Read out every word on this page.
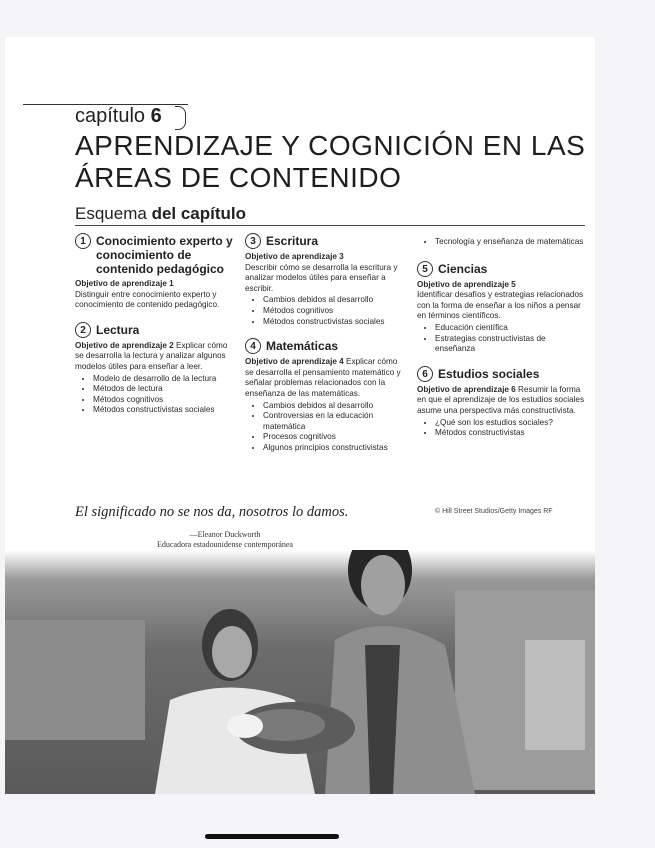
capítulo 6
APRENDIZAJE Y COGNICIÓN EN LAS
ÁREAS DE CONTENIDO
Esquema del capítulo
1 Conocimiento experto y conocimiento de contenido pedagógico
Objetivo de aprendizaje 1
Distinguir entre conocimiento experto y conocimiento de contenido pedagógico.
2 Lectura
Objetivo de aprendizaje 2 Explicar cómo se desarrolla la lectura y analizar algunos modelos útiles para enseñar a leer.
• Modelo de desarrollo de la lectura
• Métodos de lectura
• Métodos cognitivos
• Métodos constructivistas sociales
3 Escritura
Objetivo de aprendizaje 3
Describir cómo se desarrolla la escritura y analizar modelos útiles para enseñar a escribir.
• Cambios debidos al desarrollo
• Métodos cognitivos
• Métodos constructivistas sociales
4 Matemáticas
Objetivo de aprendizaje 4 Explicar cómo se desarrolla el pensamiento matemático y señalar problemas relacionados con la enseñanza de las matemáticas.
• Cambios debidos al desarrollo
• Controversias en la educación matemática
• Procesos cognitivos
• Algunos principios constructivistas
• Tecnología y enseñanza de matemáticas
5 Ciencias
Objetivo de aprendizaje 5
Identificar desafíos y estrategias relacionados con la forma de enseñar a los niños a pensar en términos científicos.
• Educación científica
• Estrategias constructivistas de enseñanza
6 Estudios sociales
Objetivo de aprendizaje 6 Resumir la forma en que el aprendizaje de los estudios sociales asume una perspectiva más constructivista.
• ¿Qué son los estudios sociales?
• Métodos constructivistas
El significado no se nos da, nosotros lo damos.
—Eleanor Duckworth
Educadora estadounidense contemporánea
© Hill Street Studios/Getty Images RF
